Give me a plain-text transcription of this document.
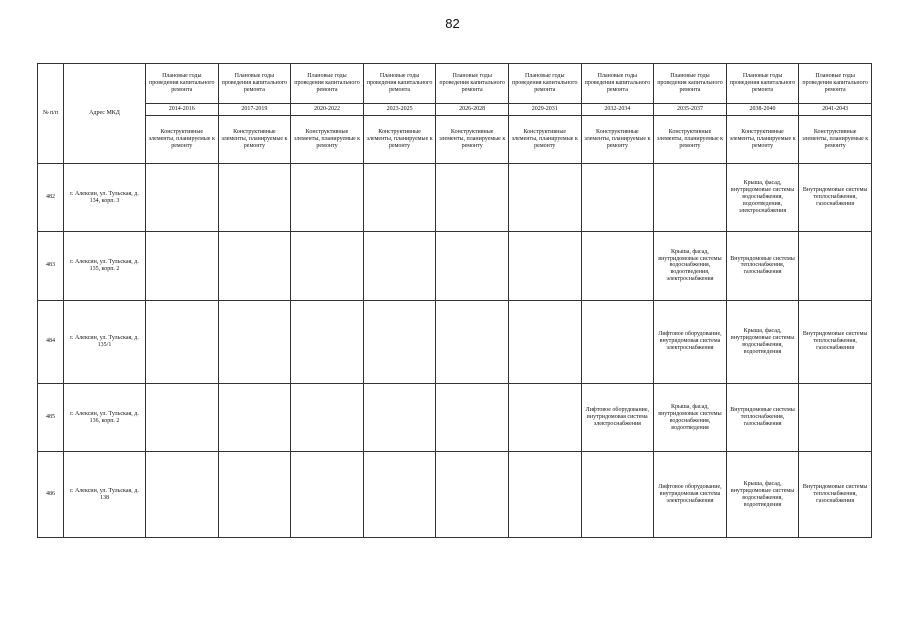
82
№ п/п	Адрес МКД	Плановые годы проведения капитального ремонта	Плановые годы проведения капитального ремонта	Плановые годы проведения капитального ремонта	Плановые годы проведения капитального ремонта	Плановые годы проведения капитального ремонта	Плановые годы проведения капитального ремонта	Плановые годы проведения капитального ремонта	Плановые годы проведения капитального ремонта	Плановые годы проведения капитального ремонта	Плановые годы проведения капитального ремонта
		2014-2016	2017-2019	2020-2022	2023-2025	2026-2028	2029-2031	2032-2034	2035-2037	2038-2040	2041-2043
		Конструктивные элементы, планируемые к ремонту	Конструктивные элементы, планируемые к ремонту	Конструктивные элементы, планируемые к ремонту	Конструктивные элементы, планируемые к ремонту	Конструктивные элементы, планируемые к ремонту	Конструктивные элементы, планируемые к ремонту	Конструктивные элементы, планируемые к ремонту	Конструктивные элементы, планируемые к ремонту	Конструктивные элементы, планируемые к ремонту	Конструктивные элементы, планируемые к ремонту
482	г. Алексин, ул. Тульская, д. 134, корп. 3									Крыша, фасад, внутридомовые системы водоснабжения, водоотведения, электроснабжения	Внутридомовые системы теплоснабжения, газоснабжения
483	г. Алексин, ул. Тульская, д. 135, корп. 2								Крыша, фасад, внутридомовые системы водоснабжения, водоотведения, электроснабжения	Внутридомовые системы теплоснабжения, газоснабжения	
484	г. Алексин, ул. Тульская, д. 135/1								Лифтовое оборудование, внутридомовая система электроснабжения	Крыша, фасад, внутридомовые системы водоснабжения, водоотведения	Внутридомовые системы теплоснабжения, газоснабжения
485	г. Алексин, ул. Тульская, д. 136, корп. 2							Лифтовое оборудование, внутридомовая система электроснабжения	Крыша, фасад, внутридомовые системы водоснабжения, водоотведения	Внутридомовые системы теплоснабжения, газоснабжения	
486	г. Алексин, ул. Тульская, д. 138								Лифтовое оборудование, внутридомовая система электроснабжения	Крыша, фасад, внутридомовые системы водоснабжения, водоотведения	Внутридомовые системы теплоснабжения, газоснабжения
